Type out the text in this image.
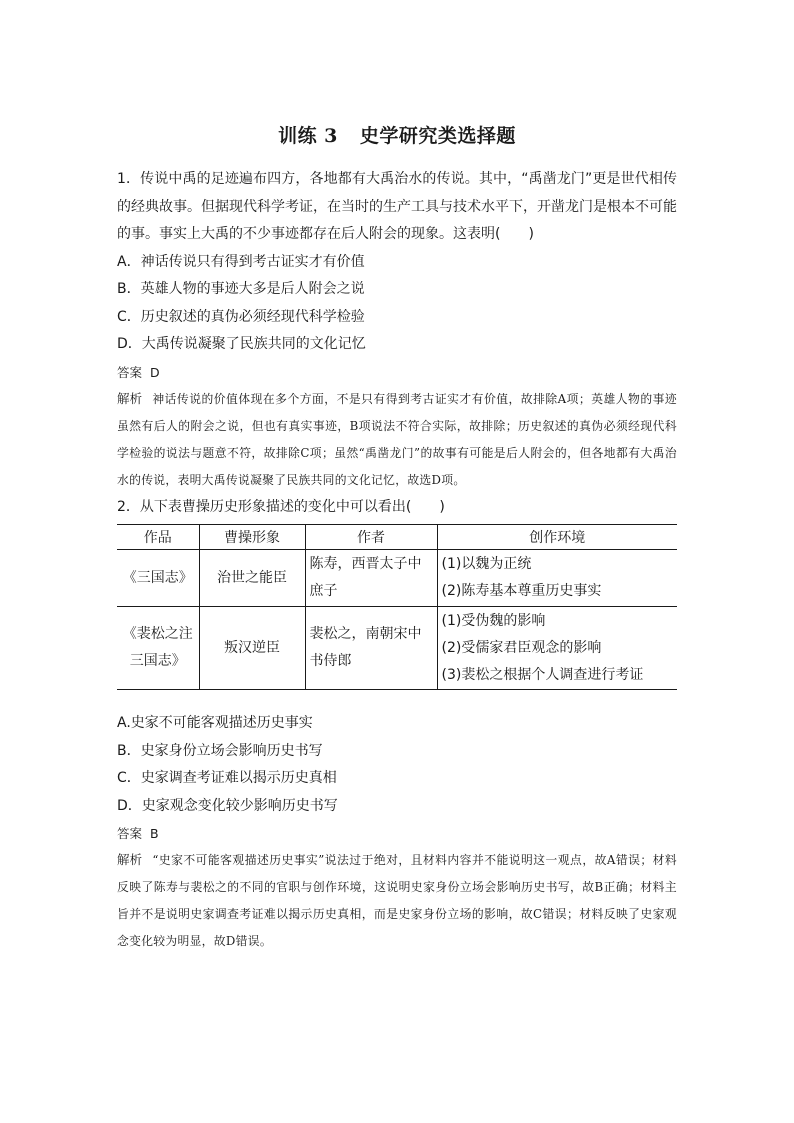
训练 3 史学研究类选择题

1．传说中禹的足迹遍布四方，各地都有大禹治水的传说。其中，“禹凿龙门”更是世代相传的经典故事。但据现代科学考证，在当时的生产工具与技术水平下，开凿龙门是根本不可能的事。事实上大禹的不少事迹都存在后人附会的现象。这表明(　　)

A．神话传说只有得到考古证实才有价值

B．英雄人物的事迹大多是后人附会之说

C．历史叙述的真伪必须经现代科学检验

D．大禹传说凝聚了民族共同的文化记忆

答案 D

解析 神话传说的价值体现在多个方面，不是只有得到考古证实才有价值，故排除A项；英雄人物的事迹虽然有后人的附会之说，但也有真实事迹，B项说法不符合实际，故排除；历史叙述的真伪必须经现代科学检验的说法与题意不符，故排除C项；虽然“禹凿龙门”的故事有可能是后人附会的，但各地都有大禹治水的传说，表明大禹传说凝聚了民族共同的文化记忆，故选D项。

2．从下表曹操历史形象描述的变化中可以看出(　　)

作品	曹操形象	作者	创作环境
《三国志》	治世之能臣	陈寿，西晋太子中庶子	(1)以魏为正统
(2)陈寿基本尊重历史事实

《裴松之注三国志》	叛汉逆臣	裴松之，南朝宋中书侍郎	(1)受伪魏的影响
(2)受儒家君臣观念的影响
(3)裴松之根据个人调查进行考证

A.史家不可能客观描述历史事实

B．史家身份立场会影响历史书写

C．史家调查考证难以揭示历史真相

D．史家观念变化较少影响历史书写

答案 B

解析 “史家不可能客观描述历史事实”说法过于绝对，且材料内容并不能说明这一观点，故A错误；材料反映了陈寿与裴松之的不同的官职与创作环境，这说明史家身份立场会影响历史书写，故B正确；材料主旨并不是说明史家调查考证难以揭示历史真相，而是史家身份立场的影响，故C错误；材料反映了史家观念变化较为明显，故D错误。
